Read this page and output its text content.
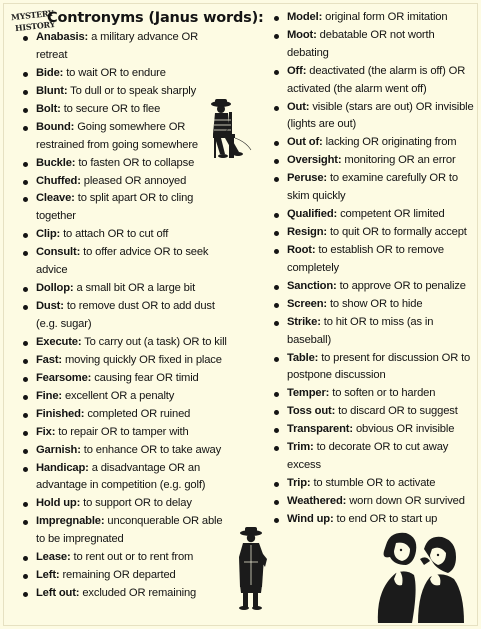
MYSTERY
HISTORY
Contronyms (Janus words):
Anabasis: a military advance OR retreat
Bide: to wait OR to endure
Blunt: To dull or to speak sharply
Bolt: to secure OR to flee
Bound: Going somewhere OR restrained from going somewhere
Buckle: to fasten OR to collapse
Chuffed: pleased OR annoyed
Cleave: to split apart OR to cling together
Clip: to attach OR to cut off
Consult: to offer advice OR to seek advice
Dollop: a small bit OR a large bit
Dust: to remove dust OR to add dust (e.g. sugar)
Execute: To carry out (a task) OR to kill
Fast: moving quickly OR fixed in place
Fearsome: causing fear OR timid
Fine: excellent OR a penalty
Finished: completed OR ruined
Fix: to repair OR to tamper with
Garnish: to enhance OR to take away
Handicap: a disadvantage OR an advantage in competition (e.g. golf)
Hold up: to support OR to delay
Impregnable: unconquerable OR able to be impregnated
Lease: to rent out or to rent from
Left: remaining OR departed
Left out: excluded OR remaining
Model: original form OR imitation
Moot: debatable OR not worth debating
Off: deactivated (the alarm is off) OR activated (the alarm went off)
Out: visible (stars are out) OR invisible (lights are out)
Out of: lacking OR originating from
Oversight: monitoring OR an error
Peruse: to examine carefully OR to skim quickly
Qualified: competent OR limited
Resign: to quit OR to formally accept
Root: to establish OR to remove completely
Sanction: to approve OR to penalize
Screen: to show OR to hide
Strike: to hit OR to miss (as in baseball)
Table: to present for discussion OR to postpone discussion
Temper: to soften or to harden
Toss out: to discard OR to suggest
Transparent: obvious OR invisible
Trim: to decorate OR to cut away excess
Trip: to stumble OR to activate
Weathered: worn down OR survived
Wind up: to end OR to start up
